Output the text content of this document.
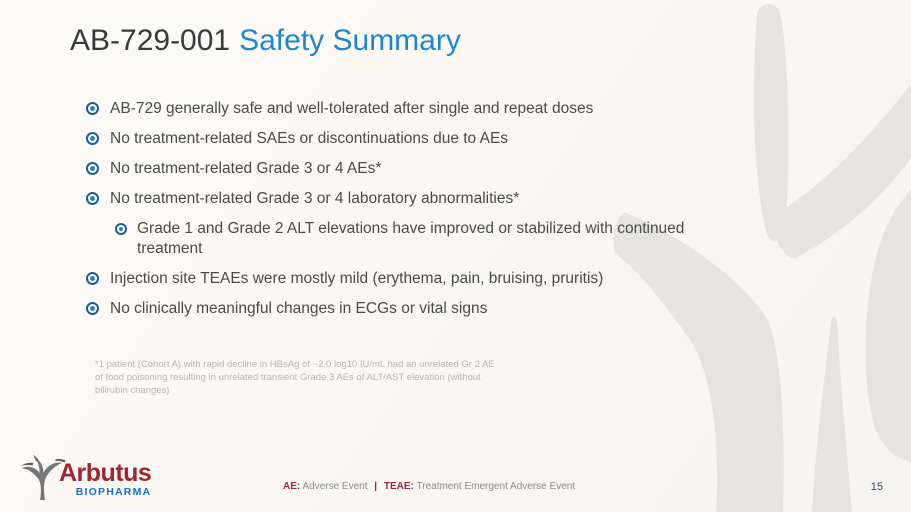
AB-729-001 Safety Summary
AB-729 generally safe and well-tolerated after single and repeat doses
No treatment-related SAEs or discontinuations due to AEs
No treatment-related Grade 3 or 4 AEs*
No treatment-related Grade 3 or 4 laboratory abnormalities*
Grade 1 and Grade 2 ALT elevations have improved or stabilized with continued treatment
Injection site TEAEs were mostly mild (erythema, pain, bruising, pruritis)
No clinically meaningful changes in ECGs or vital signs
*1 patient (Cohort A) with rapid decline in HBsAg of ~2.0 log10 IU/mL had an unrelated Gr 2 AE
of food poisoning resulting in unrelated transient Grade 3 AEs of ALT/AST elevation (without
bilirubin changes)
AE: Adverse Event | TEAE: Treatment Emergent Adverse Event
Arbutus
BIOPHARMA	15
